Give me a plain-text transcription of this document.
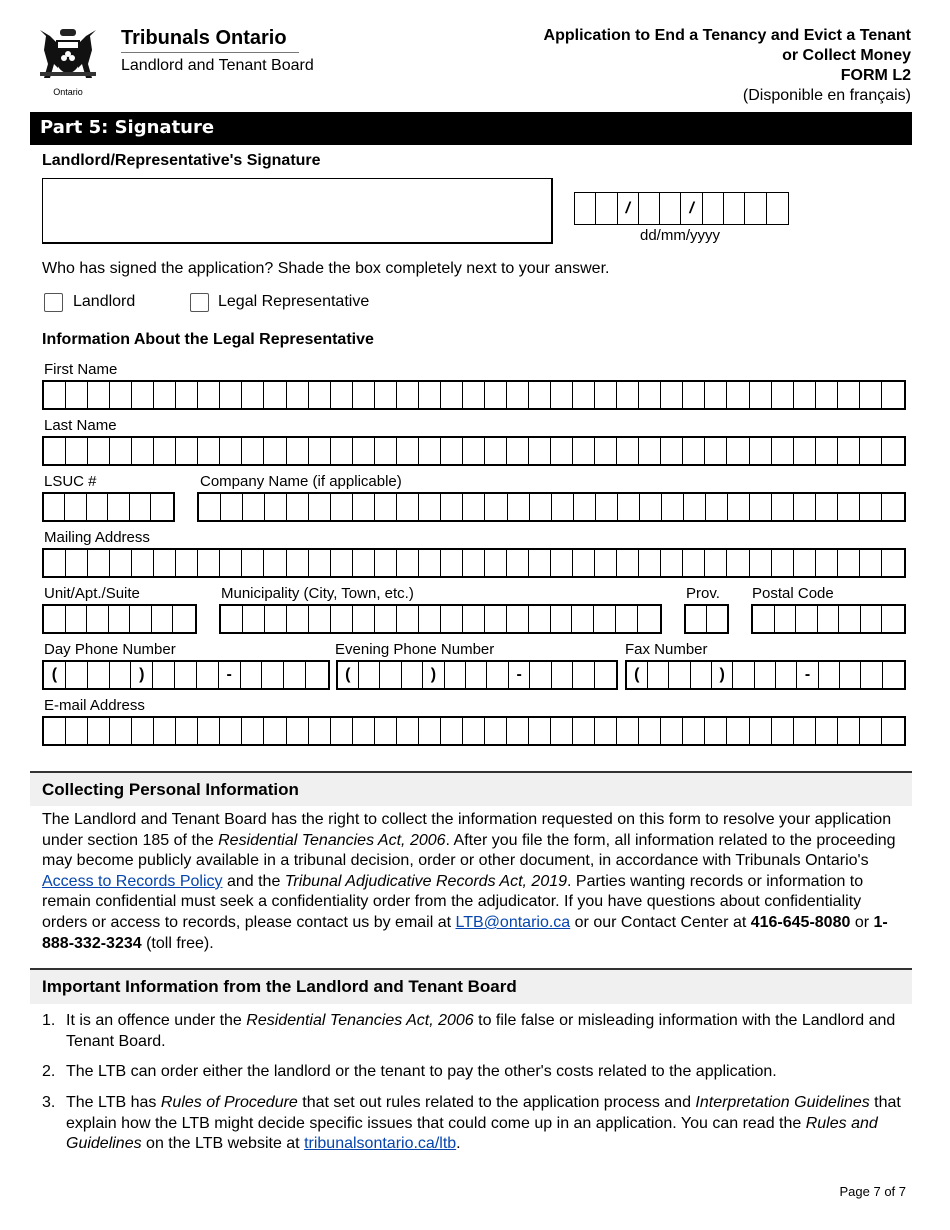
Ontario
Tribunals Ontario
Landlord and Tenant Board
Application to End a Tenancy and Evict a Tenant
or Collect Money
FORM L2
(Disponible en français)
Part 5: Signature
Landlord/Representative's Signature
/	/
dd/mm/yyyy
Who has signed the application? Shade the box completely next to your answer.
Landlord	Legal Representative
Information About the Legal Representative
First Name
Last Name
LSUC #	Company Name (if applicable)
Mailing Address
Unit/Apt./Suite	Municipality (City, Town, etc.)	Prov. Postal Code
Day Phone Number	Evening Phone Number	Fax Number
E-mail Address
(	)	-	(	)	-	(	)	-
Collecting Personal Information
The Landlord and Tenant Board has the right to collect the information requested on this form to resolve your application under section 185 of the Residential Tenancies Act, 2006. After you file the form, all information related to the proceeding may become publicly available in a tribunal decision, order or other document, in accordance with Tribunals Ontario's Access to Records Policy and the Tribunal Adjudicative Records Act, 2019. Parties wanting records or information to remain confidential must seek a confidentiality order from the adjudicator. If you have questions about confidentiality orders or access to records, please contact us by email at LTB@ontario.ca or our Contact Center at 416-645-8080 or 1-888-332-3234 (toll free).
Important Information from the Landlord and Tenant Board
1. It is an offence under the Residential Tenancies Act, 2006 to file false or misleading information with the Landlord and Tenant Board.
2. The LTB can order either the landlord or the tenant to pay the other's costs related to the application.
3. The LTB has Rules of Procedure that set out rules related to the application process and Interpretation Guidelines that explain how the LTB might decide specific issues that could come up in an application. You can read the Rules and Guidelines on the LTB website at tribunalsontario.ca/ltb.
Page 7 of 7
